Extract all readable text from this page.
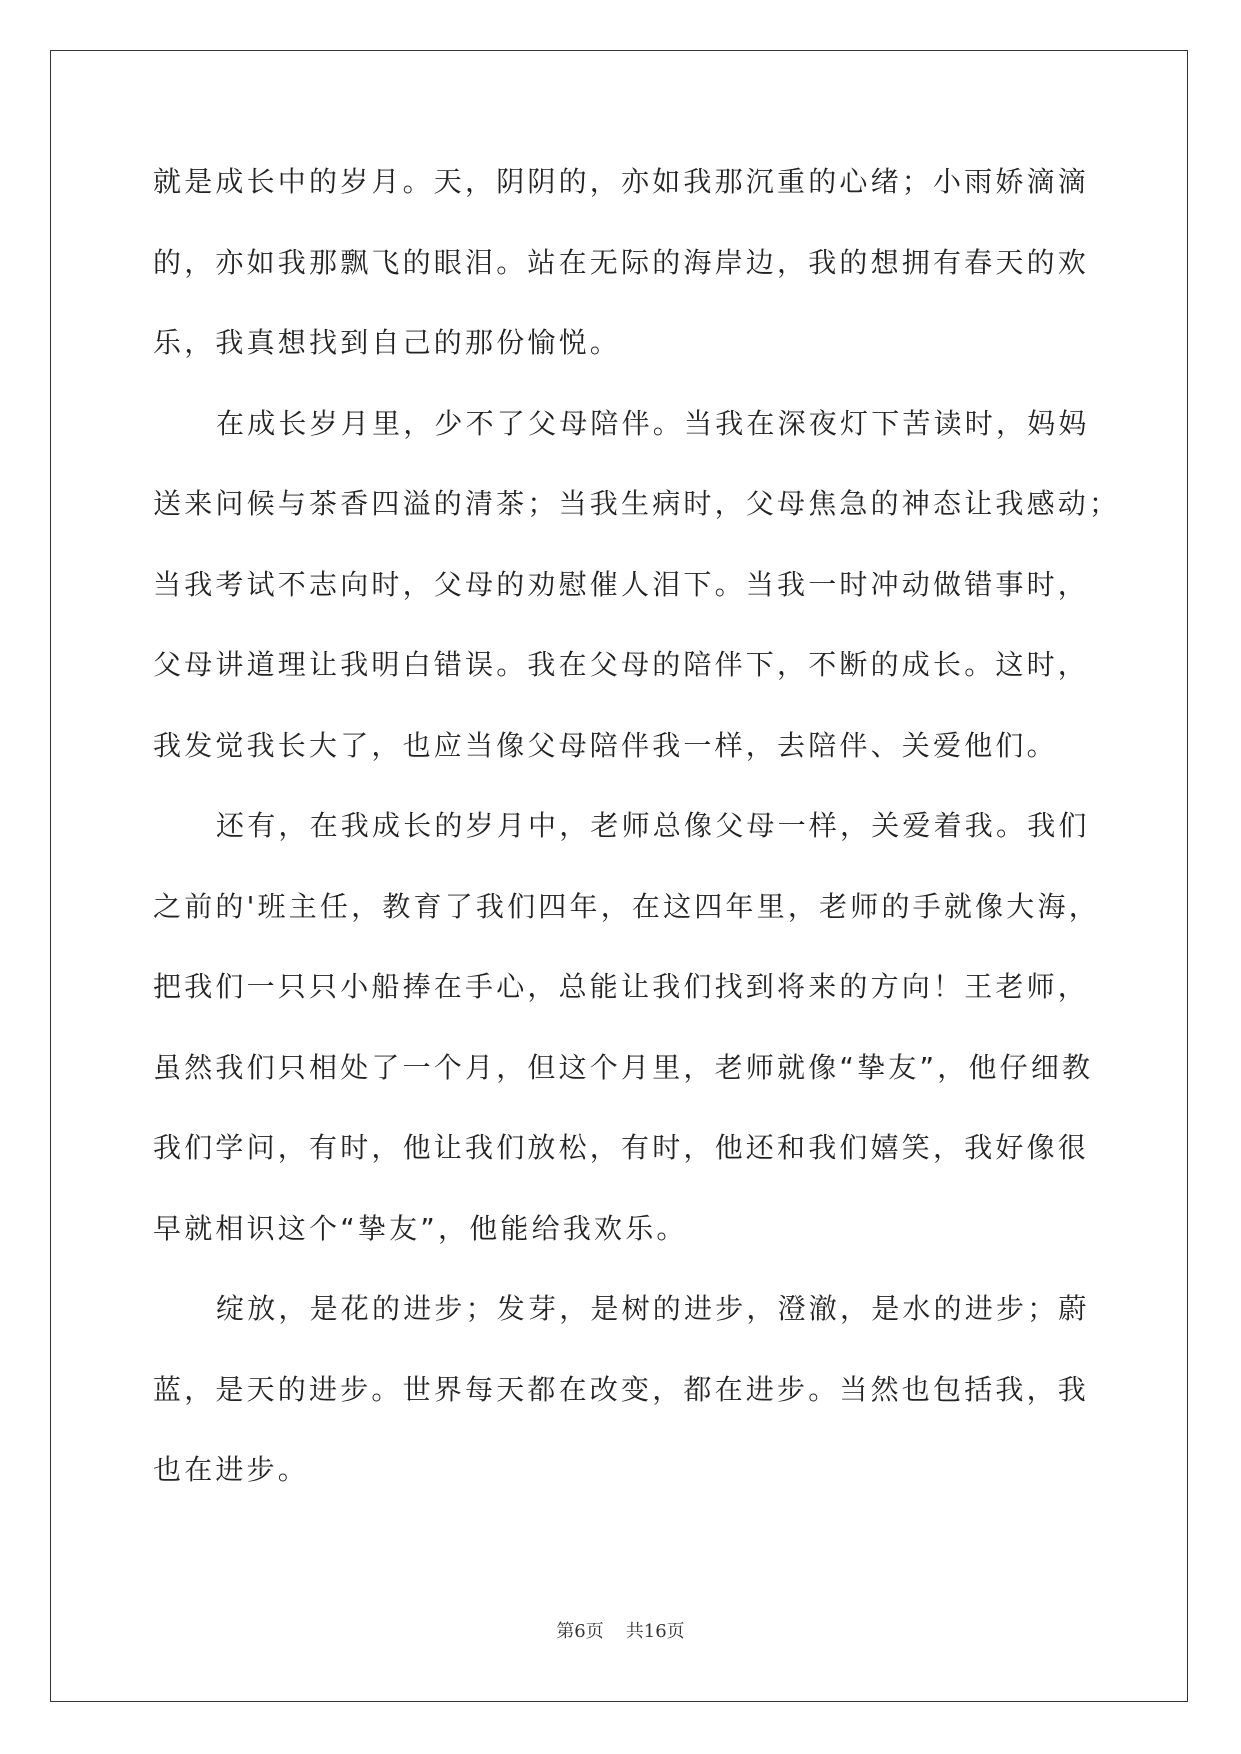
就是成长中的岁月。天，阴阴的，亦如我那沉重的心绪；小雨娇滴滴
的，亦如我那飘飞的眼泪。站在无际的海岸边，我的想拥有春天的欢
乐，我真想找到自己的那份愉悦。
在成长岁月里，少不了父母陪伴。当我在深夜灯下苦读时，妈妈
送来问候与茶香四溢的清茶；当我生病时，父母焦急的神态让我感动；
当我考试不志向时，父母的劝慰催人泪下。当我一时冲动做错事时，
父母讲道理让我明白错误。我在父母的陪伴下，不断的成长。这时，
我发觉我长大了，也应当像父母陪伴我一样，去陪伴、关爱他们。
还有，在我成长的岁月中，老师总像父母一样，关爱着我。我们
之前的'班主任，教育了我们四年，在这四年里，老师的手就像大海，
把我们一只只小船捧在手心，总能让我们找到将来的方向！王老师，
虽然我们只相处了一个月，但这个月里，老师就像“挚友”，他仔细教
我们学问，有时，他让我们放松，有时，他还和我们嬉笑，我好像很
早就相识这个“挚友”，他能给我欢乐。
绽放，是花的进步；发芽，是树的进步，澄澈，是水的进步；蔚
蓝，是天的进步。世界每天都在改变，都在进步。当然也包括我，我
也在进步。
第6页 共16页
